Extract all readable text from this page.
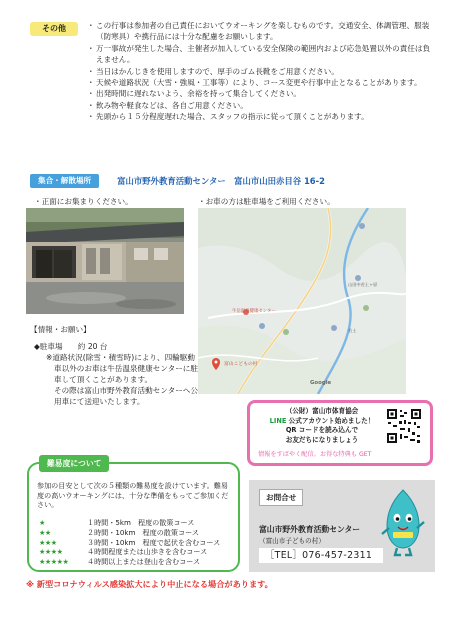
その他
・	この行事は参加者の自己責任においてウオーキングを楽しむものです。交通安全、体調管理、服装（防寒具）や携行品には十分な配慮をお願いします。
・ 万一事故が発生した場合、主催者が加入している安全保険の範囲内および応急処置以外の責任は負えません。
・ 当日はかんじきを使用しますので、厚手のゴム長靴をご用意ください。
・ 天候や道路状況（大雪・強風・工事等）により、コース変更や行事中止となることがあります。
・ 出発時間に遅れないよう、余裕を持って集合してください。
・ 飲み物や軽食などは、各自ご用意ください。
・ 先頭から１５分程度遅れた場合、スタッフの指示に従って頂くことがあります。
集合・解散場所	富山市野外教育活動センター　富山市山田赤目谷 16-2
・正面にお集まりください。	・お車の方は駐車場をご利用ください。
牛岳温泉健康センター
富山こどもの村
山田中若土ヶ原
若土
Google
【情報・お願い】
◆駐車場　　約 20 台
※道路状況(除雪・積雪時)により、四輪駆動車以外のお車は牛岳温泉健康センターに駐車して頂くことがあります。
その際は富山市野外教育活動センターへ公用車にて送迎いたします。
（公財）富山市体育協会
LINE 公式アカウント始めました！
QR コードを読み込んで
お友だちになりましょう
情報をすばやく配信。お得な特典も GET
難易度について
参加の目安として次の５種類の難易度を設けています。難易度の高いウオーキングには、十分な準備をもってご参加ください。
★	１時間・5km　程度の散策コース
★★	２時間・10km　程度の散策コース
★★★	３時間・10km　程度で起伏を含むコース
★★★★	４時間程度または山歩きを含むコース
★★★★★	４時間以上または登山を含むコース
お問合せ
富山市野外教育活動センター
（富山市子どもの村）
［TEL］076-457-2311
※ 新型コロナウィルス感染拡大により中止になる場合があります。
